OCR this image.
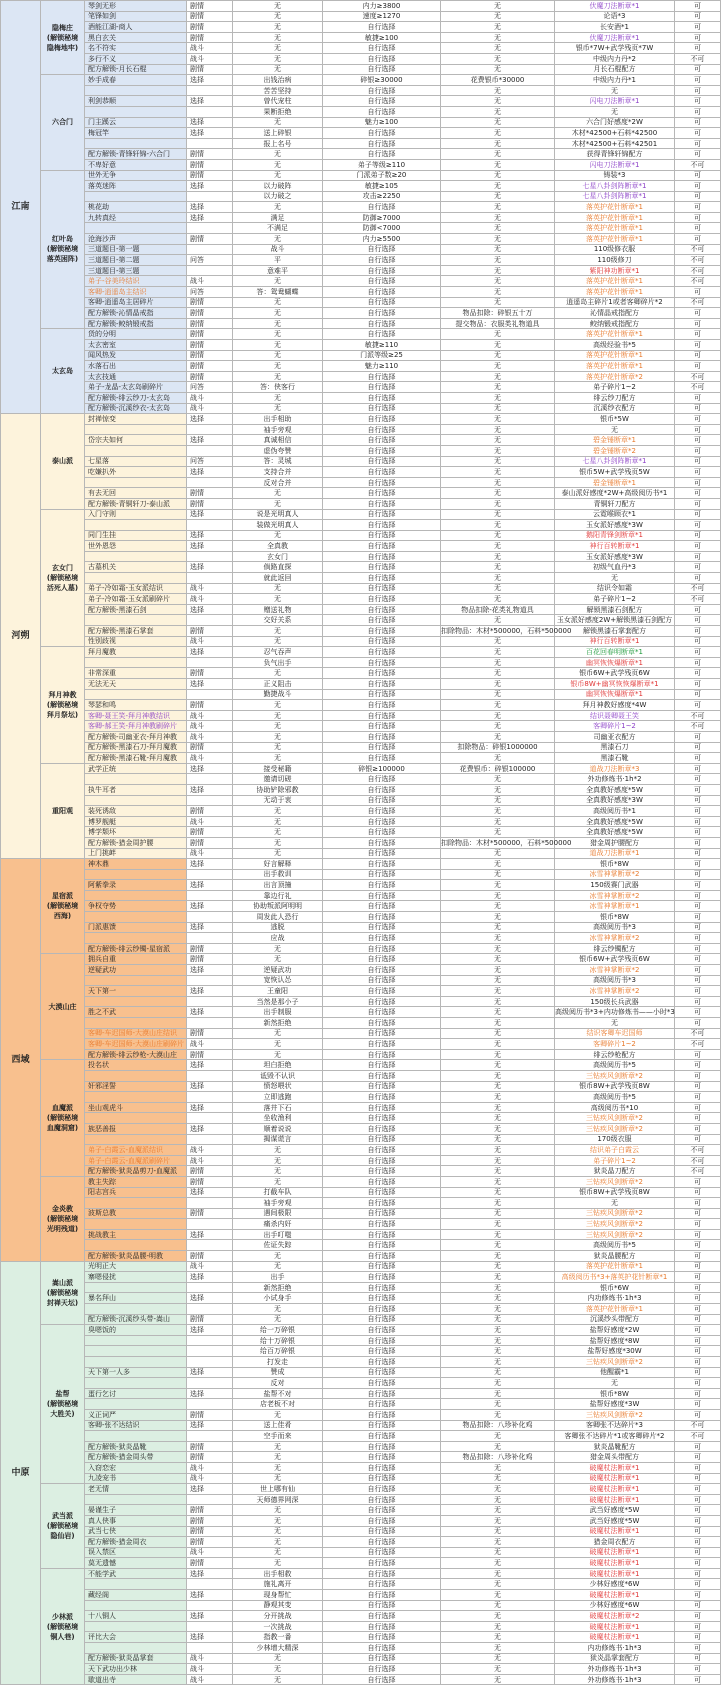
江南	隐梅庄
(解锁秘境
隐梅地牢)	琴剑无形	剧情	无	内力≥3800	无	伏魔刀法断章*1	可
		笔锋如剑	剧情	无	速度≥1270	无	论语*3	可
		酒能江湖-商人	剧情	无	自行选择	无	长安酒*1	可
		黑白玄关	剧情	无	敏捷≥100	无	伏魔刀法断章*1	可
		名不符实	战斗	无	自行选择	无	银币*7W+武学残页*7W	可
		多行不义	战斗	无	自行选择	无	中级内力丹*2	不可
		配方解锁-月长石棍	剧情	无	自行选择	无	月长石棍配方	可
	六合门	妙手成春	选择	出钱治病	碎银≥30000	花费银币*30000	中级内力丹*1	可
				苦苦坚持	自行选择	无	无	可
		利剑恭顺	选择	曾代宠柱	自行选择	无	闪电刀法断章*1	可
				果断拒绝	自行选择	无	无	可
		门主蹊云	选择	无	魅力≥100	无	六合门好感度*2W	可
		梅冠竿	选择	送上碎银	自行选择	无	木材*42500+石料*42500	可
				报上名号	自行选择	无	木材*42500+石料*42501	可
		配方解锁-青锋轩锦-六合门	剧情	无	自行选择	无	获得青锋轩锦配方	可
		不卑好意	剧情	无	弟子等级≥110	无	闪电刀法断章*1	不可
	红叶岛
(解锁秘境
落英困阵)	世外无争	剧情	无	门派弟子数≥20	无	铸装*3	可
		落英迷阵	选择	以力破阵	敏捷≥105	无	七星八卦剑阵断章*1	可
				以力破之	攻击≥2250	无	七星八卦剑阵断章*1	可
		桃花劫	选择	无	自行选择	无	落英护花针断章*1	可
		九转真经	选择	满足	防御≥7000	无	落英护花针断章*1	可
				不满足	防御<7000	无	落英护花针断章*1	可
		沧海沙声	剧情	无	内力≥5500	无	落英护花针断章*1	可
		三道题目-第一题		战斗	自行选择	无	110级修衣服	不可
		三道题目-第二题	问答	平	自行选择	无	110级修刀	不可
		三道题目-第三题		意难平	自行选择	无	紫阳神功断章*1	不可
		弟子-谷美玲结识	战斗	无	自行选择	无	落英护花针断章*1	不可
		客卿-逍遥岛主结识	问答	答：鸳鸯蝴蝶	自行选择	无	落英护花针断章*1	可
		客卿-逍遥岛主居碎片	剧情	无	自行选择	无	逍遥岛主碎片1或者客卿碎片*2	不可
		配方解锁-沁情晶戒指	剧情	无	自行选择	物品扣除：碎银五十万	沁情晶戒指配方	可
		配方解锁-鲛纳锻戒指	剧情	无	自行选择	提交物品：衣服类礼物道具	鲛纳锻戒指配方	可
	太玄岛	货的分明	剧情	无	自行选择	无	落英护花针断章*1	可
		太玄密室	剧情	无	敏捷≥110	无	高级经验书*5	可
		闻风热发	剧情	无	门派等级≥25	无	落英护花针断章*1	可
		水落石出	剧情	无	魅力≥110	无	落英护花针断章*1	可
		太玄技通	剧情	无	自行选择	无	落英护花针断章*2	不可
		弟子-龙晶-太玄岛刷碎片	问答	答：侠客行	自行选择	无	弟子碎片1~2	不可
		配方解锁-绯云纱刀-太玄岛	战斗	无	自行选择	无	绯云纱刀配方	可
		配方解锁-沉溪纱衣-太玄岛	战斗	无	自行选择	无	沉溪纱衣配方	可
河朔	泰山派	封禅惊变	选择	出手相助	自行选择	无	银币*5W	可
				袖手旁观	自行选择	无	无	可
		岱宗夫如何	选择	真诚相信	自行选择	无	碧金锤断章*1	可
				虚伪夸赞	自行选择	无	碧金锤断章*2	可
		七星落	问答	答：灵城	自行选择	无	七星八卦剑阵断章*1	可
		吃嫌扒外	选择	支持合并	自行选择	无	银币5W+武学残页5W	可
				反对合并	自行选择	无	碧金锤断章*1	可
		有去无回	剧情	无	自行选择	无	泰山派好感度*2W+高级阅历书*1	可
		配方解锁-青铜轩刀-泰山派	剧情	无	自行选择	无	青铜轩刀配方	可
	玄女门
(解锁秘境
活死人墓)	入门守则	选择	说是光明真人	自行选择	无	云霓喉顾衣*1	可
				装做光明真人	自行选择	无	玉女派好感度*3W	可
		同门生挂	选择	无	自行选择	无	鹅阳青锋剑断章*1	可
		世外恩怨	选择	全真教	自行选择	无	神行百转断章*1	可
				玄女门	自行选择	无	玉女派好感度*3W	可
		古墓机关	选择	倘路直探	自行选择	无	初级气血丹*3	可
				就此返回	自行选择	无	无	可
		弟子-冷如霜-玉女派结识	战斗	无	自行选择	无	结识令如霜	不可
		弟子-冷如霜-玉女派刷碎片	战斗	无	自行选择	无	弟子碎片1~2	不可
		配方解锁-黑漆石剑	选择	赠送礼物	自行选择	物品扣除-花类礼物道具	解锁黑漆石剑配方	可
				交好关系	自行选择	无	玉女派好感度2W+解锁黑漆石剑配方	可
		配方解锁-黑漆石掌套	剧情	无	自行选择	扣除物品：木材*500000，石料*500000	解锁黑漆石掌套配方	可
		性别歧视	战斗	无	自行选择	无	神行百转断章*1	可
	拜月神教
(解锁秘境
拜月祭坛)	拜月魔教	选择	忍气吞声	自行选择	无	百花回春明断章*1	可
				负气出手	自行选择	无	幽冥恢恢爆断章*1	可
		非常深重	剧情	无	自行选择	无	银币6W+武学残页6W	可
		无法无天	选择	正义阻击	自行选择	无	银币8W+幽冥恢恢爆断章*1	可
				勤捷战斗	自行选择	无	幽冥恢恢爆断章*1	可
		琴瑟和鸣	剧情	无	自行选择	无	拜月神教好感度*4W	可
		客卿-聂王笑-拜月神教结识	战斗	无	自行选择	无	结识聂卿聂王笑	不可
		客卿-郝王笑-拜月神教刷碎片	战斗	无	自行选择	无	客卿碎片1~2	不可
		配方解锁-司幽亚衣-拜月神教	战斗	无	自行选择	无	司幽亚衣配方	可
		配方解锁-黑漆石刀-拜月魔教	剧情	无	自行选择	扣除物品：碎银1000000	黑漆石刀	可
		配方解锁-黑漆石靴-拜月魔教	战斗	无	自行选择	无	黑漆石靴	可
	重阳观	武学正统	选择	接受秘籍	碎银≥100000	花费银币：碎银100000	道战刀法断章*3	可
				邀请切磋	自行选择	无	外功修炼书·1h*2	可
		执牛耳者	选择	协助铲除邪教	自行选择	无	全真教好感度*5W	可
				无动于衷	自行选择	无	全真教好感度*3W	可
		装死诱敌	剧情	无	自行选择	无	高级阅历书*1	可
		博罗舰艇	战斗	无	自行选择	无	全真教好感度*5W	可
		博学颓坏	剧情	无	自行选择	无	全真教好感度*5W	可
		配方解锁-猎金周护腰	剧情	无	自行选择	扣除物品：木材*500000，石料*500000	猎金周护腰配方	可
		上门挑衅	战斗	无	自行选择	无	道战刀法断章*1	可
西域	星宿派
(解锁秘境
西海)	神木鼎	选择	好言解释	自行选择	无	银币*8W	可
				出手救训	自行选择	无	冰雪神掌断章*2	可
		阿紫拳录	选择	出言顶撞	自行选择	无	150级赛门武器	可
				靠边行礼	自行选择	无	冰雪神掌断章*2	可
		争权夺势	选择	协助叛派阿明明	自行选择	无	冰雪神掌断章*1	可
				周发此人恐行	自行选择	无	银币*8W	可
		门派惠馈	选择	逃脱	自行选择	无	高级阅历书*3	可
				应战	自行选择	无	冰雪神掌断章*2	可
		配方解锁-绯云纱镯-星宿派	剧情	无	自行选择	无	绯云纱镯配方	可
	大漠山庄	拥兵自重	剧情	无	自行选择	无	银币6W+武学残页6W	可
		逆疑武功	选择	逆疑武功	自行选择	无	冰雪神掌断章*2	可
				宽恢认怂	自行选择	无	高级阅历书*3	可
		天下第一	选择	王童阳	自行选择	无	冰雪神掌断章*2	可
				当然是那小子	自行选择	无	150级长兵武器	可
		胜之不武	选择	出手制服	自行选择	无	高级阅历书*3+内功修炼书——小时*3	可
				新然拒绝	自行选择	无	无	可
		客卿-车迟国师-大漠山庄结识	剧情	无	自行选择	无	结识客卿车迟国师	不可
		客卿-车迟国师-大漠山庄刷碎片	战斗	无	自行选择	无	客卿碎片1~2	不可
		配方解锁-绯云纱枪-大漠山庄	剧情	无	自行选择	无	绯云纱枪配方	可
	血魔派
(解锁秘境
血魔洞窟)	投名状	选择	坦白拒绝	自行选择	无	高级阅历书*5	可
				诋毁不认识	自行选择	无	三钻疾风剑断章*2	可
		奸邪淫誓	选择	愤怒喂状	自行选择	无	银币8W+武学残页8W	可
				立即逃跑	自行选择	无	高级阅历书*5	可
		坐山观虎斗	选择	落井下石	自行选择	无	高级阅历书*10	可
				坐收渔利	自行选择	无	三钻疾风剑断章*2	可
		族恶善报	选择	顺着说说	自行选择	无	三钻疾风剑断章*2	可
				揭谋谎言	自行选择	无	170级衣服	可
		弟子-白霞云-血魔派结识	战斗	无	自行选择	无	结识弟子白霞云	不可
		弟子-白霞云-血魔派刷碎片	战斗	无	自行选择	无	弟子碎片1~2	不可
		配方解锁-狱炎晶剪刀-血魔派	剧情	无	自行选择	无	狱炎晶刀配方	不可
	金炎教
(解锁秘境
光明残道)	教主失踪	剧情	无	自行选择	无	三钻疾风剑断章*2	可
		阳志宫兵	选择	打截车队	自行选择	无	银币8W+武学残页8W	可
				袖手旁观	自行选择	无	无	可
		波斯总教	剧情	遇间极限	自行选择	无	三钻疾风剑断章*2	可
				痛杀内奸	自行选择	无	三钻疾风剑断章*2	可
		挑战教主	选择	出手叮嗤	自行选择	无	三钻疾风剑断章*2	可
				佐证失踪	自行选择	无	高级阅历书*5	可
		配方解锁-狱炎晶腰-明教	剧情	无	自行选择	无	狱炎晶腰配方	可
中原	嵩山派
(解锁秘境
封禅天坛)	光明正大	战斗	无	自行选择	无	落英护花针断章*1	可
		寨嗯侵扰	选择	出手	自行选择	无	高级阅历书*3+落英护花针断章*1	可
				新然拒绝	自行选择	无	银币*6W	可
		暴名拜山	选择	小试身手	自行选择	无	内功修炼书·1h*3	可
				无	自行选择	无	落英护花针断章*1	可
		配方解锁-沉溪纱头带-嵩山	剧情	无	自行选择	无	沉溪纱头带配方	可
	盐帮
(解锁秘境
大胜关)	臭嗯饭的	选择	给一万碎银	自行选择	无	盐帮好感度*2W	可
				给十万碎银	自行选择	无	盐帮好感度*8W	可
				给百万碎银	自行选择	无	盐帮好感度*30W	可
				打发走	自行选择	无	三钻疾风剑断章*2	可
		天下第一人多	选择	赞成	自行选择	无	他醒霸*1	可
				反对	自行选择	无	无	可
		蛋行乞讨	选择	盐帮不对	自行选择	无	银币*8W	可
				店老板不对	自行选择	无	盐帮好感度*3W	可
		义正词严	剧情	无	自行选择	无	三钻疾风剑断章*2	可
		客卿-张不达结识	选择	送上佳肴	自行选择	物品扣除：八珍补化鸡	客卿张不达碎片*3	不可
				空手而来	自行选择	无	客卿张不达碎片*1或客卿碎片*2	不可
		配方解锁-狱炎晶靴	剧情	无	自行选择	无	狱炎晶靴配方	可
		配方解锁-猎金周头带	剧情	无	自行选择	物品扣除：八珍补化鸡	猎金周头带配方	可
		入窃恋宏	战斗	无	自行选择	无	破魔杖法断章*1	可
		九凌宠书	战斗	无	自行选择	无	破魔杖法断章*1	可
	武当派
(解锁秘境
隐仙岩)	老无情	选择	世上哪有仙	自行选择	无	破魔杖法断章*1	可
				天师德界网深	自行选择	无	破魔杖法断章*1	可
		晏谨生子	剧情	无	自行选择	无	武当好感度*5W	可
		真人侠事	剧情	无	自行选择	无	武当好感度*5W	可
		武当七侠	剧情	无	自行选择	无	破魔杖法断章*1	可
		配方解锁-猎金周衣	剧情	无	自行选择	无	猎金周衣配方	可
		误入禁区	战斗	无	自行选择	无	破魔杖法断章*1	可
		莫无遗憾	剧情	无	自行选择	无	破魔杖法断章*1	可
	少林派
(解锁秘境
铜人巷)	不能学武	选择	出手相救	自行选择	无	破魔杖法断章*1	可
				施礼离开	自行选择	无	少林好感度*6W	可
		藏经阁	选择	现身帮忙	自行选择	无	破魔杖法断章*1	可
				静观其变	自行选择	无	少林好感度*6W	可
		十八铜人	选择	分开挑战	自行选择	无	破魔杖法断章*2	可
				一次挑战	自行选择	无	破魔杖法断章*1	可
		评比大会	选择	指教一番	自行选择	无	破魔杖法断章*1	可
				少林增大精深	自行选择	无	内功修炼书·1h*3	可
		配方解锁-狱炎晶掌套	战斗	无	自行选择	无	狱炎晶掌套配方	可
		天下武功出少林	战斗	无	自行选择	无	外功修炼书·1h*3	可
		歇道出寺	战斗	无	自行选择	无	外功修炼书·1h*3	可
